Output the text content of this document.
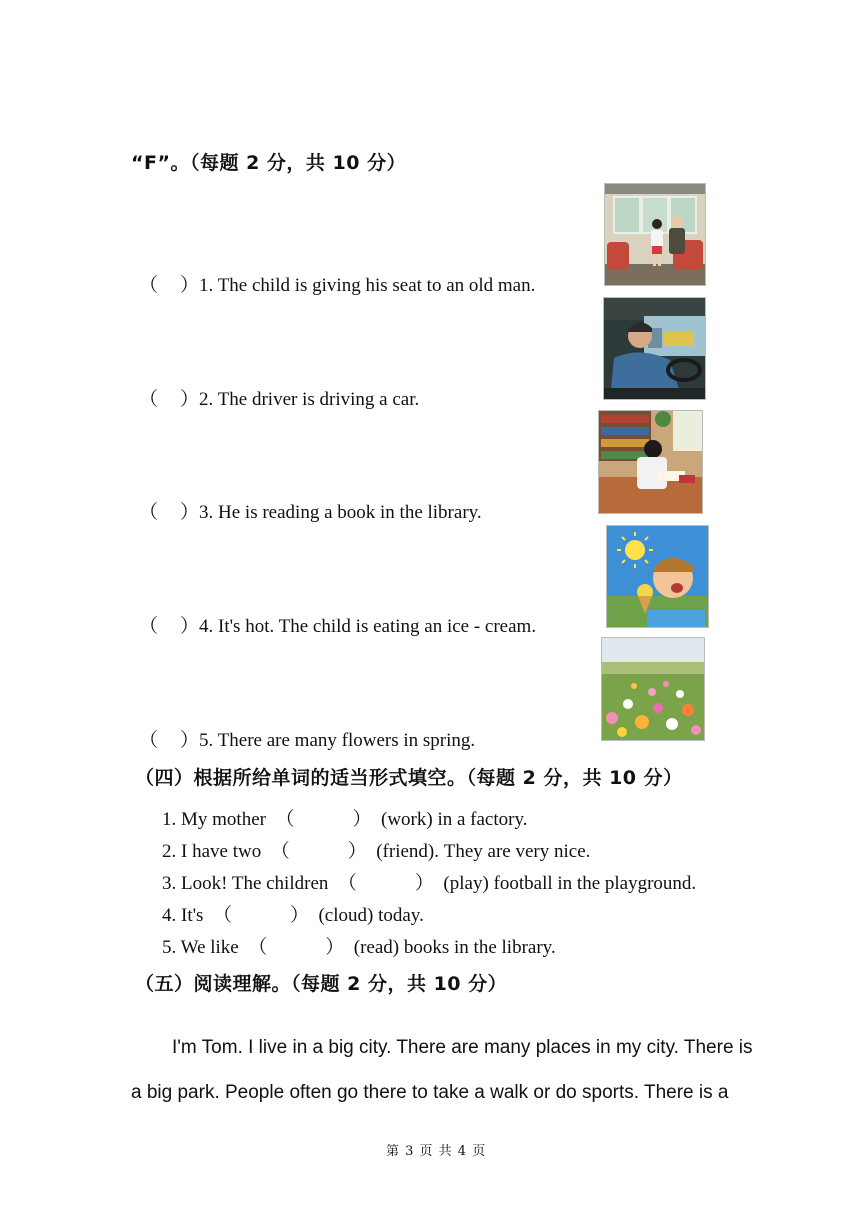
“F”。（每题 2 分，共 10 分）
（ ）1. The child is giving his seat to an old man.
（ ）2. The driver is driving a car.
（ ）3. He is reading a book in the library.
（ ）4. It's hot. The child is eating an ice - cream.
（ ）5. There are many flowers in spring.
（四）根据所给单词的适当形式填空。（每题 2 分，共 10 分）
1. My mother （	） (work) in a factory.
2. I have two （	） (friend). They are very nice.
3. Look! The children （	） (play) football in the playground.
4. It's （	） (cloud) today.
5. We like （	） (read) books in the library.
（五）阅读理解。（每题 2 分，共 10 分）
I'm Tom. I live in a big city. There are many places in my city. There is
a big park. People often go there to take a walk or do sports. There is a
第 3 页 共 4 页
